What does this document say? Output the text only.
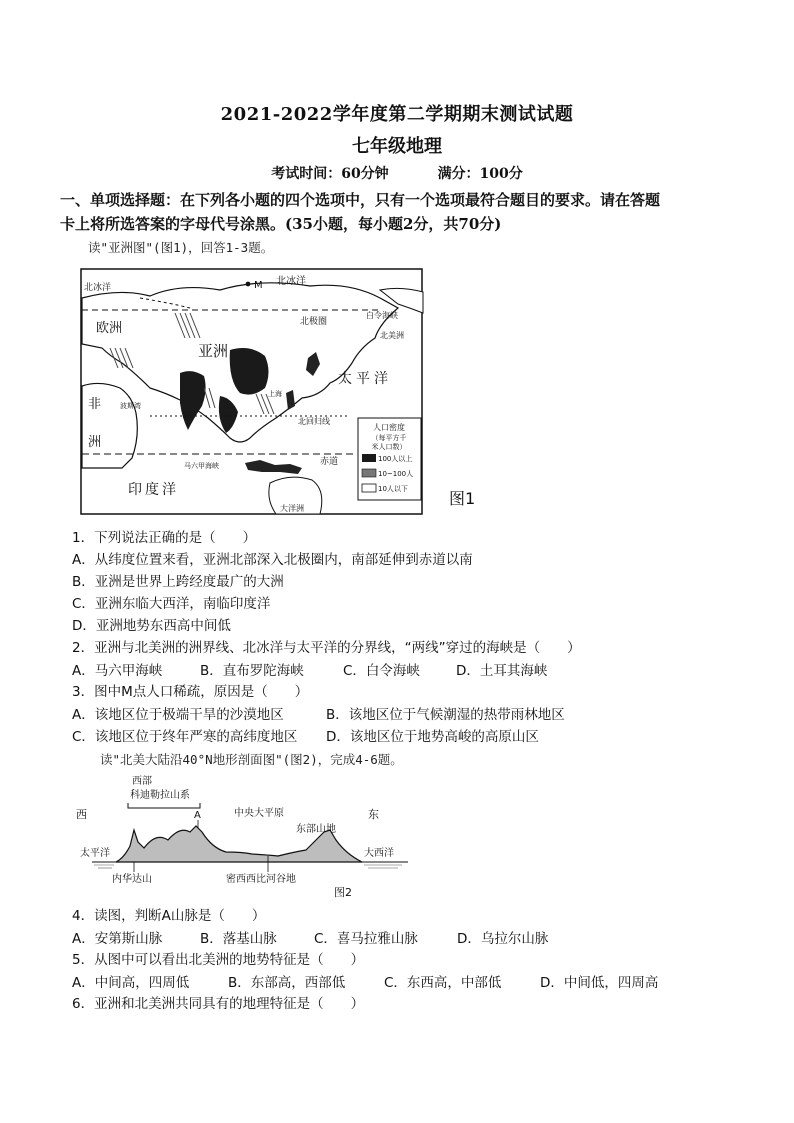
2021-2022学年度第二学期期末测试试题
七年级地理
考试时间：60分钟	满分：100分
一、单项选择题：在下列各小题的四个选项中，只有一个选项最符合题目的要求。请在答题
卡上将所选答案的字母代号涂黑。(35小题，每小题2分，共70分)
读"亚洲图"(图1)，回答1-3题。
北冰洋
北冰洋	M
白令海峡
北美洲
北极圈
欧洲
亚洲
太平洋
非
洲
波斯湾
上海
北回归线
马六甲海峡	赤道
印度洋
大洋洲
人口密度
（每平方千
米人口数）
100人以上
10~100人
10人以下	图1
1．下列说法正确的是（　　）
A．从纬度位置来看，亚洲北部深入北极圈内，南部延伸到赤道以南
B．亚洲是世界上跨经度最广的大洲
C．亚洲东临大西洋，南临印度洋
D．亚洲地势东西高中间低
2．亚洲与北美洲的洲界线、北冰洋与太平洋的分界线，“两线”穿过的海峡是（　　）
A．马六甲海峡	B．直布罗陀海峡	C．白令海峡	D．土耳其海峡
3．图中M点人口稀疏，原因是（　　）
A．该地区位于极端干旱的沙漠地区	B．该地区位于气候潮湿的热带雨林地区
C．该地区位于终年严寒的高纬度地区 D．该地区位于地势高峻的高原山区
读"北美大陆沿40°N地形剖面图"(图2)，完成4-6题。
西	东
西部
科迪勒拉山系
A	中央大平原
东部山地
太平洋	大西洋
内华达山	密西西比河谷地
图2
4．读图，判断A山脉是（　　）
A．安第斯山脉	B．落基山脉	C．喜马拉雅山脉	D．乌拉尔山脉
5．从图中可以看出北美洲的地势特征是（　　）
A．中间高，四周低	B．东部高，西部低	C．东西高，中部低	D．中间低，四周高
6．亚洲和北美洲共同具有的地理特征是（　　）
